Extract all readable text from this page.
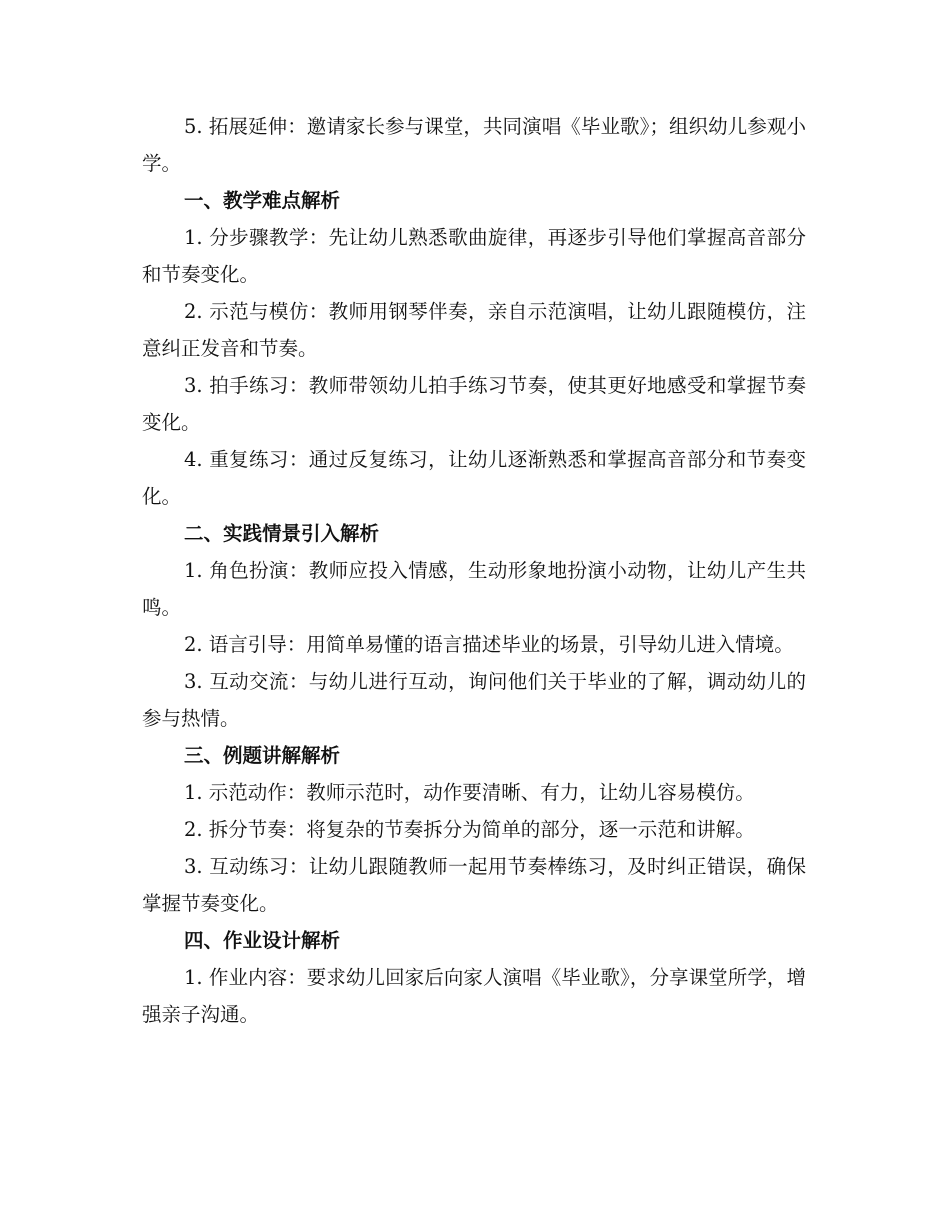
5. 拓展延伸：邀请家长参与课堂，共同演唱《毕业歌》；组织幼儿参观小学。

一、教学难点解析

1. 分步骤教学：先让幼儿熟悉歌曲旋律，再逐步引导他们掌握高音部分和节奏变化。

2. 示范与模仿：教师用钢琴伴奏，亲自示范演唱，让幼儿跟随模仿，注意纠正发音和节奏。

3. 拍手练习：教师带领幼儿拍手练习节奏，使其更好地感受和掌握节奏变化。

4. 重复练习：通过反复练习，让幼儿逐渐熟悉和掌握高音部分和节奏变化。

二、实践情景引入解析

1. 角色扮演：教师应投入情感，生动形象地扮演小动物，让幼儿产生共鸣。

2. 语言引导：用简单易懂的语言描述毕业的场景，引导幼儿进入情境。

3. 互动交流：与幼儿进行互动，询问他们关于毕业的了解，调动幼儿的参与热情。

三、例题讲解解析

1. 示范动作：教师示范时，动作要清晰、有力，让幼儿容易模仿。

2. 拆分节奏：将复杂的节奏拆分为简单的部分，逐一示范和讲解。

3. 互动练习：让幼儿跟随教师一起用节奏棒练习，及时纠正错误，确保掌握节奏变化。

四、作业设计解析

1. 作业内容：要求幼儿回家后向家人演唱《毕业歌》，分享课堂所学，增强亲子沟通。
